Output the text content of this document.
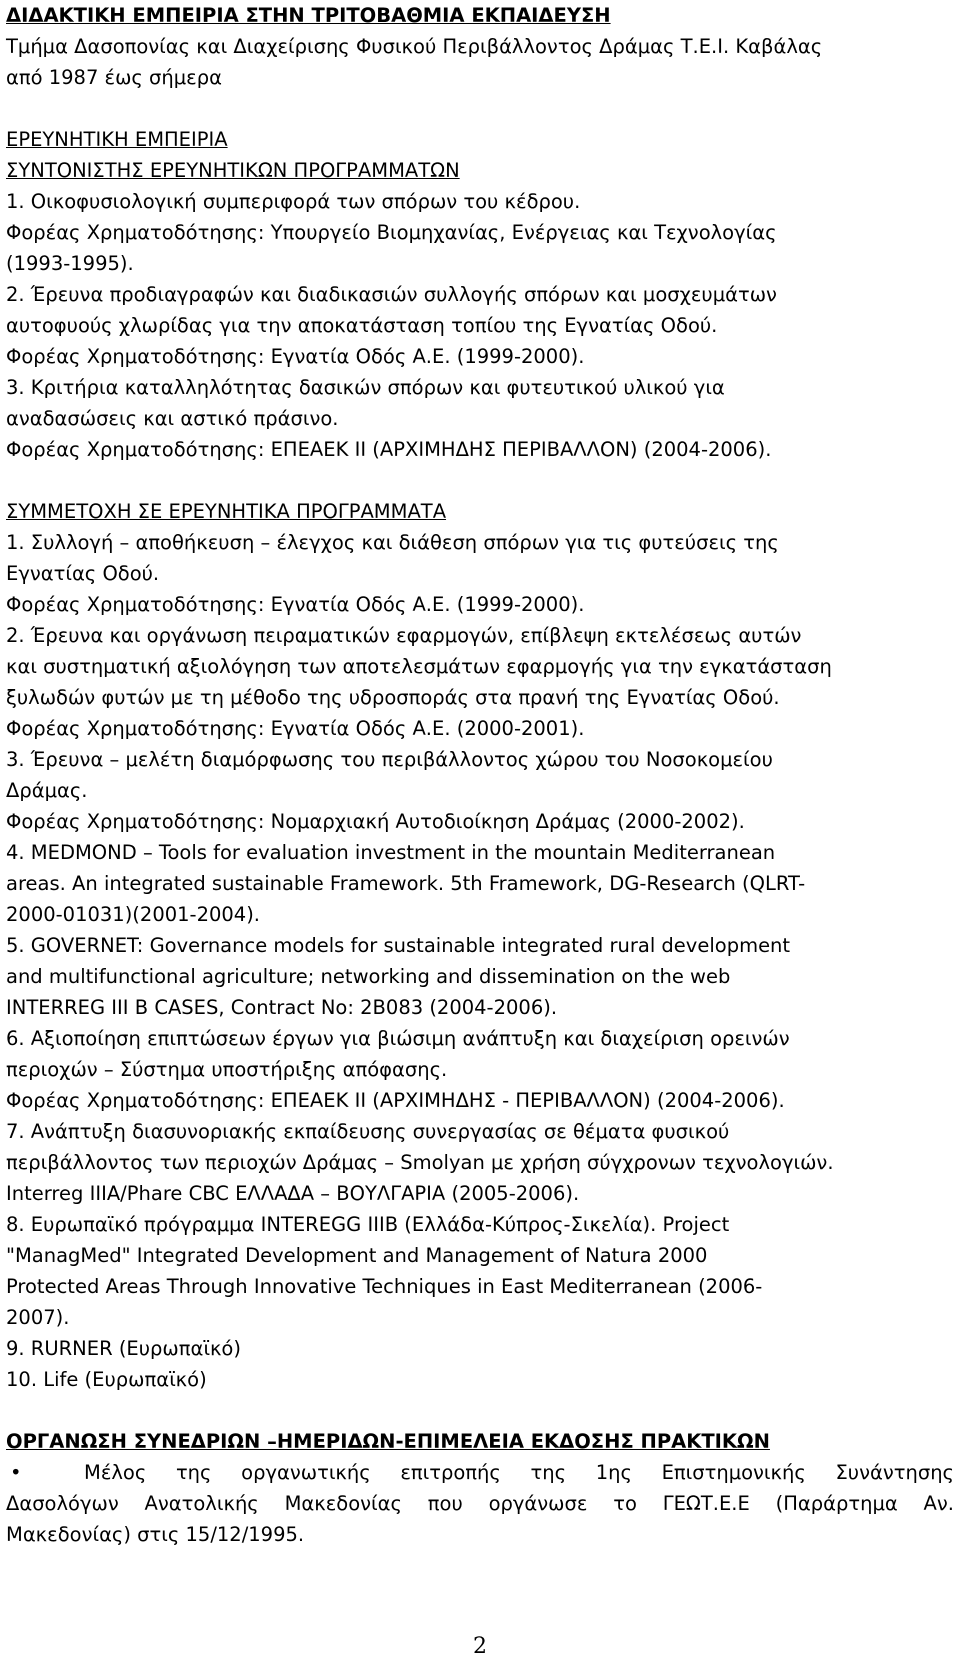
ΔΙΔΑΚΤΙΚΗ ΕΜΠΕΙΡΙΑ ΣΤΗΝ ΤΡΙΤΟΒΑΘΜΙΑ ΕΚΠΑΙΔΕΥΣΗ
Τμήμα Δασοπονίας και Διαχείρισης Φυσικού Περιβάλλοντος Δράμας Τ.Ε.Ι. Καβάλας
από 1987 έως σήμερα
ΕΡΕΥΝΗΤΙΚΗ ΕΜΠΕΙΡΙΑ
ΣΥΝΤΟΝΙΣΤΗΣ ΕΡΕΥΝΗΤΙΚΩΝ ΠΡΟΓΡΑΜΜΑΤΩΝ
1. Οικοφυσιολογική συμπεριφορά των σπόρων του κέδρου.
Φορέας Χρηματοδότησης: Υπουργείο Βιομηχανίας, Ενέργειας και Τεχνολογίας
(1993-1995).
2. Έρευνα προδιαγραφών και διαδικασιών συλλογής σπόρων και μοσχευμάτων
αυτοφυούς χλωρίδας για την αποκατάσταση τοπίου της Εγνατίας Οδού.
Φορέας Χρηματοδότησης: Εγνατία Οδός Α.Ε. (1999-2000).
3. Κριτήρια καταλληλότητας δασικών σπόρων και φυτευτικού υλικού για
αναδασώσεις και αστικό πράσινο.
Φορέας Χρηματοδότησης: ΕΠΕΑΕΚ ΙΙ (ΑΡΧΙΜΗΔΗΣ ΠΕΡΙΒΑΛΛΟΝ) (2004-2006).
ΣΥΜΜΕΤΟΧΗ ΣΕ ΕΡΕΥΝΗΤΙΚΑ ΠΡΟΓΡΑΜΜΑΤΑ
1. Συλλογή – αποθήκευση – έλεγχος και διάθεση σπόρων για τις φυτεύσεις της
Εγνατίας Οδού.
Φορέας Χρηματοδότησης: Εγνατία Οδός Α.Ε. (1999-2000).
2. Έρευνα και οργάνωση πειραματικών εφαρμογών, επίβλεψη εκτελέσεως αυτών
και συστηματική αξιολόγηση των αποτελεσμάτων εφαρμογής για την εγκατάσταση
ξυλωδών φυτών με τη μέθοδο της υδροσποράς στα πρανή της Εγνατίας Οδού.
Φορέας Χρηματοδότησης: Εγνατία Οδός Α.Ε. (2000-2001).
3. Έρευνα – μελέτη διαμόρφωσης του περιβάλλοντος χώρου του Νοσοκομείου
Δράμας.
Φορέας Χρηματοδότησης: Νομαρχιακή Αυτοδιοίκηση Δράμας (2000-2002).
4. MEDMOND – Tools for evaluation investment in the mountain Mediterranean
areas. An integrated sustainable Framework. 5th Framework, DG-Research (QLRT-
2000-01031)(2001-2004).
5. GOVERNET: Governance models for sustainable integrated rural development
and multifunctional agriculture; networking and dissemination on the web
INTERREG III B CASES, Contract No: 2B083 (2004-2006).
6. Αξιοποίηση επιπτώσεων έργων για βιώσιμη ανάπτυξη και διαχείριση ορεινών
περιοχών – Σύστημα υποστήριξης απόφασης.
Φορέας Χρηματοδότησης: ΕΠΕΑΕΚ ΙΙ (ΑΡΧΙΜΗΔΗΣ - ΠΕΡΙΒΑΛΛΟΝ) (2004-2006).
7. Ανάπτυξη διασυνοριακής εκπαίδευσης συνεργασίας σε θέματα φυσικού
περιβάλλοντος των περιοχών Δράμας – Smolyan με χρήση σύγχρονων τεχνολογιών.
Interreg IIIA/Phare CBC ΕΛΛΑΔΑ – ΒΟΥΛΓΑΡΙΑ (2005-2006).
8. Ευρωπαϊκό πρόγραμμα INTEREGG IIIB (Ελλάδα-Κύπρος-Σικελία). Project
"ManagMed" Integrated Development and Management of Natura 2000
Protected Areas Through Innovative Techniques in East Mediterranean (2006-
2007).
9. RURNER (Ευρωπαϊκό)
10. Life (Ευρωπαϊκό)
ΟΡΓΑΝΩΣΗ ΣΥΝΕΔΡΙΩΝ –ΗΜΕΡΙΔΩΝ-ΕΠΙΜΕΛΕΙΑ ΕΚΔΟΣΗΣ ΠΡΑΚΤΙΚΩΝ
•	Μέλος της οργανωτικής επιτροπής της 1ης Επιστημονικής Συνάντησης
Δασολόγων Ανατολικής Μακεδονίας που οργάνωσε το ΓΕΩΤ.Ε.Ε (Παράρτημα Αν.
Μακεδονίας) στις 15/12/1995.
2
